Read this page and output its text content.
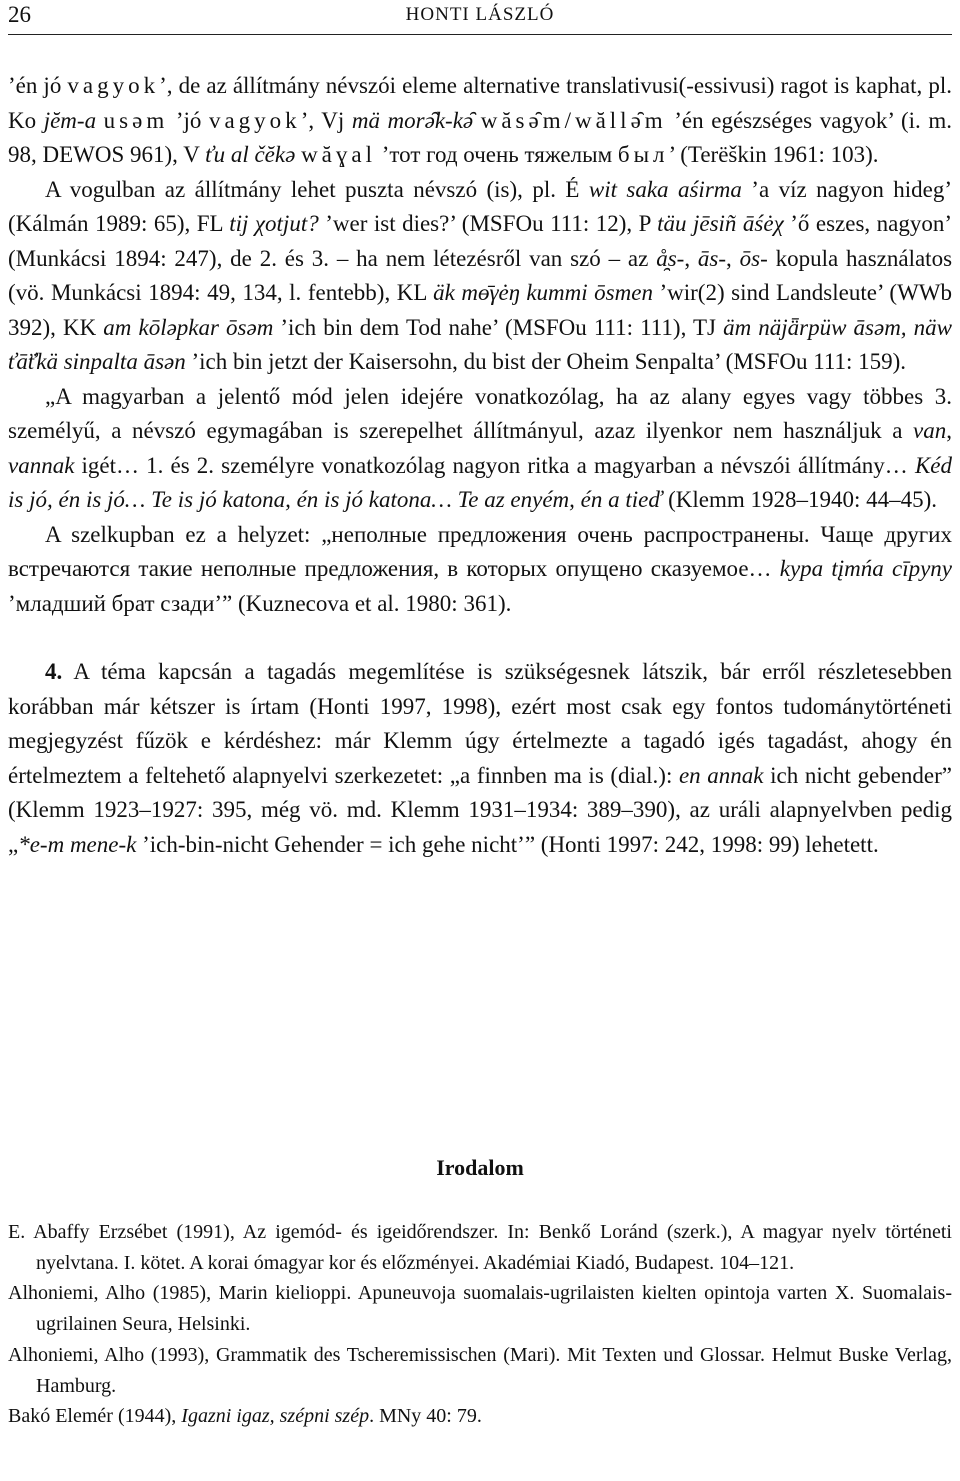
26	HONTI LÁSZLÓ

’én jó vagyok’, de az állítmány névszói eleme alternative translativusi(-essivusi) ragot is kaphat, pl. Ko jĕm-a usəm ’jó vagyok’, Vj mä morə̑k-kə̑ wăsə̑m/wăllə̑m ’én egészséges vagyok’ (i. m. 98, DEWOS 961), V ťu al čĕkə wăɣal ’тот год очень тяжелым был’ (Terëškin 1961: 103).

A vogulban az állítmány lehet puszta névszó (is), pl. É wit saka aśirma ’a víz nagyon hideg’ (Kálmán 1989: 65), FL tij χotjut? ’wer ist dies?’ (MSFOu 111: 12), P täu jēsiñ āśėχ ’ő eszes, nagyon’ (Munkácsi 1894: 247), de 2. és 3. – ha nem létezésről van szó – az å̯s-, ās-, ōs- kopula használatos (vö. Munkácsi 1894: 49, 134, l. fentebb), KL äk mɵ̄γėŋ kummi ōsmen ’wir(2) sind Landsleute’ (WWb 392), KK am kōləpkar ōsəm ’ich bin dem Tod nahe’ (MSFOu 111: 111), TJ äm näjǟrpüw āsəm, näw ťā̈ťkä sinpalta āsən ’ich bin jetzt der Kaisersohn, du bist der Oheim Senpalta’ (MSFOu 111: 159).

„A magyarban a jelentő mód jelen idejére vonatkozólag, ha az alany egyes vagy többes 3. személyű, a névszó egymagában is szerepelhet állítmányul, azaz ilyenkor nem használjuk a van, vannak igét… 1. és 2. személyre vonatkozólag nagyon ritka a magyarban a névszói állítmány… Kéd is jó, én is jó… Te is jó katona, én is jó katona… Te az enyém, én a tieď (Klemm 1928–1940: 44–45).

A szelkupban ez a helyzet: „неполные предложения очень распространены. Чаще других встречаются такие неполные предложения, в которых опущено сказуемое… kypa tįmńa cīpyny ’младший брат сзади’” (Kuznecova et al. 1980: 361).

4. A téma kapcsán a tagadás megemlítése is szükségesnek látszik, bár erről részletesebben korábban már kétszer is írtam (Honti 1997, 1998), ezért most csak egy fontos tudománytörténeti megjegyzést fűzök e kérdéshez: már Klemm úgy értelmezte a tagadó igés tagadást, ahogy én értelmeztem a feltehető alapnyelvi szerkezetet: „a finnben ma is (dial.): en annak ich nicht gebender” (Klemm 1923–1927: 395, még vö. md. Klemm 1931–1934: 389–390), az uráli alapnyelvben pedig „*e-m mene-k ’ich-bin-nicht Gehender = ich gehe nicht’” (Honti 1997: 242, 1998: 99) lehetett.

Irodalom
E. Abaffy Erzsébet (1991), Az igemód- és igeidőrendszer. In: Benkő Loránd (szerk.), A magyar nyelv történeti nyelvtana. I. kötet. A korai ómagyar kor és előzményei. Akadémiai Kiadó, Budapest. 104–121.
Alhoniemi, Alho (1985), Marin kielioppi. Apuneuvoja suomalais-ugrilaisten kielten opintoja varten X. Suomalais-ugrilainen Seura, Helsinki.
Alhoniemi, Alho (1993), Grammatik des Tscheremissischen (Mari). Mit Texten und Glossar. Helmut Buske Verlag, Hamburg.
Bakó Elemér (1944), Igazni igaz, szépni szép. MNy 40: 79.
